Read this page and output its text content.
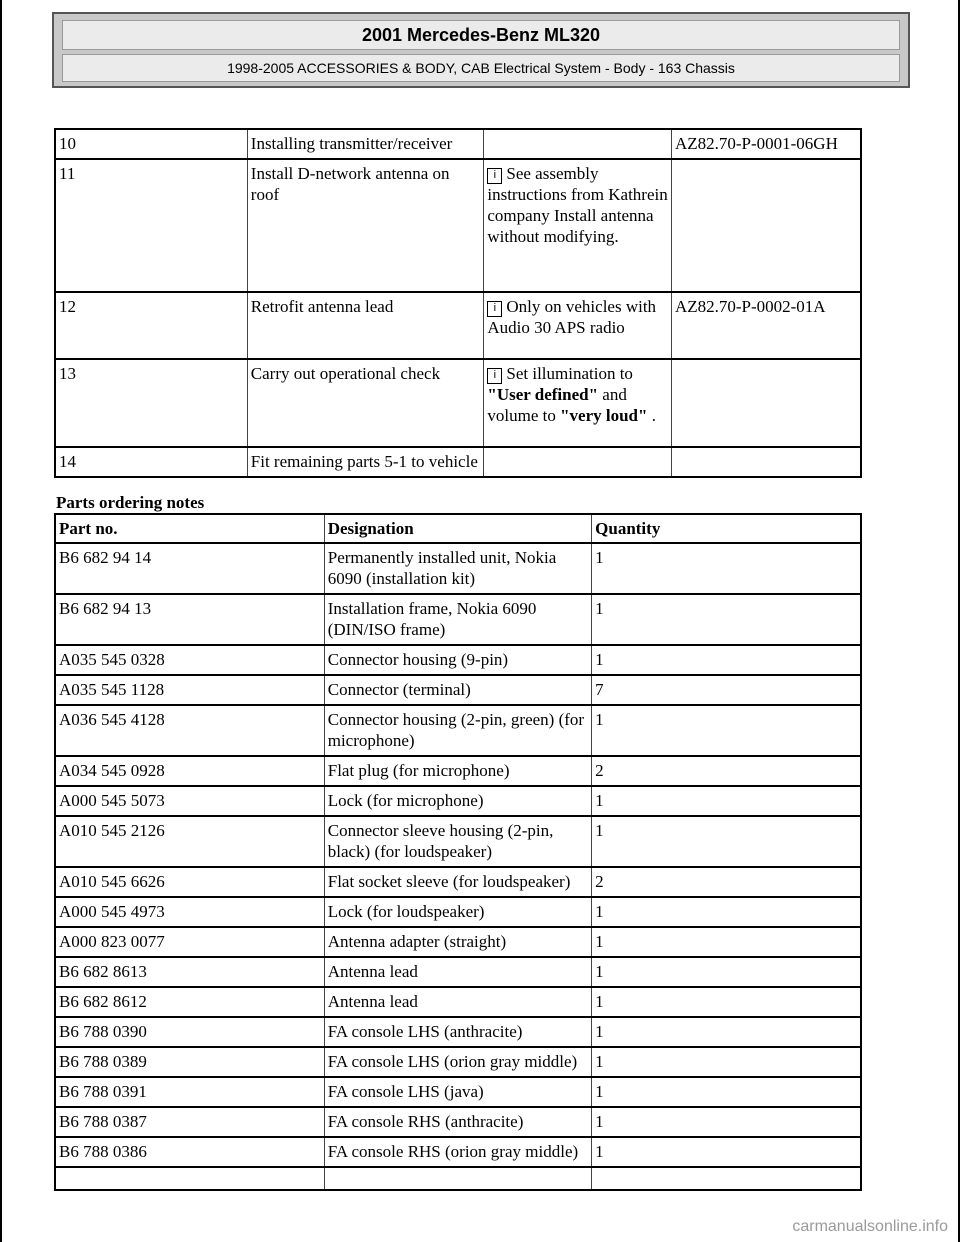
2001 Mercedes-Benz ML320
1998-2005 ACCESSORIES & BODY, CAB Electrical System - Body - 163 Chassis
10	Installing transmitter/receiver		AZ82.70-P-0001-06GH
11	Install D-network antenna on roof	i See assembly instructions from Kathrein company Install antenna without modifying.	
12	Retrofit antenna lead	i Only on vehicles with Audio 30 APS radio	AZ82.70-P-0002-01A
13	Carry out operational check	i Set illumination to "User defined" and volume to "very loud" .	
14	Fit remaining parts 5-1 to vehicle		
Parts ordering notes
Part no.	Designation	Quantity
B6 682 94 14	Permanently installed unit, Nokia 6090 (installation kit)	1
B6 682 94 13	Installation frame, Nokia 6090 (DIN/ISO frame)	1
A035 545 0328	Connector housing (9-pin)	1
A035 545 1128	Connector (terminal)	7
A036 545 4128	Connector housing (2-pin, green) (for microphone)	1
A034 545 0928	Flat plug (for microphone)	2
A000 545 5073	Lock (for microphone)	1
A010 545 2126	Connector sleeve housing (2-pin, black) (for loudspeaker)	1
A010 545 6626	Flat socket sleeve (for loudspeaker)	2
A000 545 4973	Lock (for loudspeaker)	1
A000 823 0077	Antenna adapter (straight)	1
B6 682 8613	Antenna lead	1
B6 682 8612	Antenna lead	1
B6 788 0390	FA console LHS (anthracite)	1
B6 788 0389	FA console LHS (orion gray middle)	1
B6 788 0391	FA console LHS (java)	1
B6 788 0387	FA console RHS (anthracite)	1
B6 788 0386	FA console RHS (orion gray middle)	1

carmanualsonline.info
